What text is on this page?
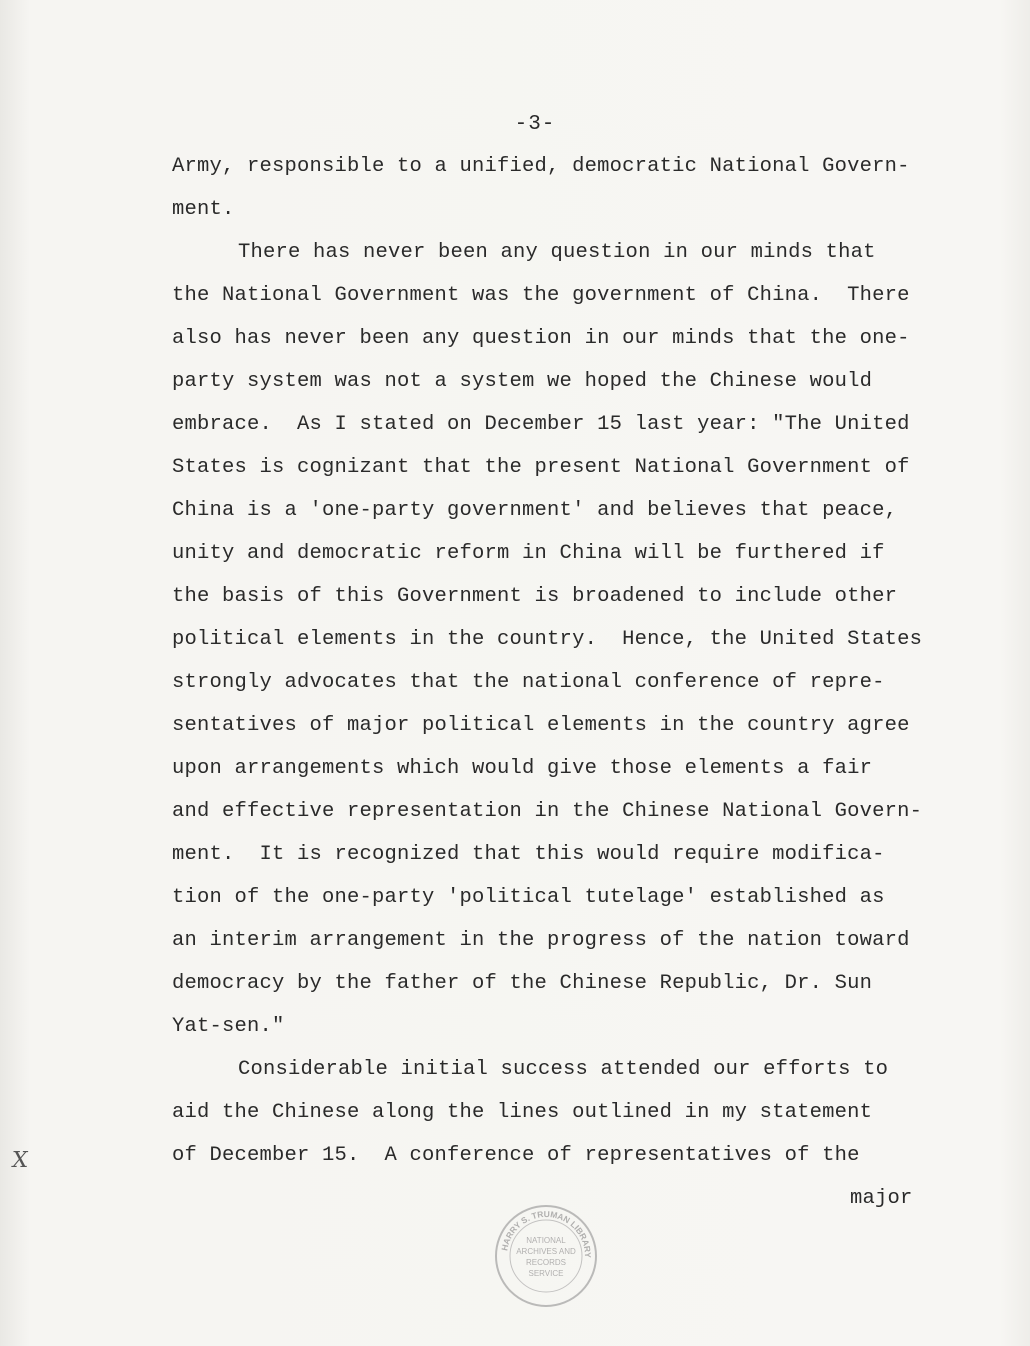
-3-
Army, responsible to a unified, democratic National Govern-
ment.
There has never been any question in our minds that
the National Government was the government of China.  There
also has never been any question in our minds that the one-
party system was not a system we hoped the Chinese would
embrace.  As I stated on December 15 last year: "The United
States is cognizant that the present National Government of
China is a 'one-party government' and believes that peace,
unity and democratic reform in China will be furthered if
the basis of this Government is broadened to include other
political elements in the country.  Hence, the United States
strongly advocates that the national conference of repre-
sentatives of major political elements in the country agree
upon arrangements which would give those elements a fair
and effective representation in the Chinese National Govern-
ment.  It is recognized that this would require modifica-
tion of the one-party 'political tutelage' established as
an interim arrangement in the progress of the nation toward
democracy by the father of the Chinese Republic, Dr. Sun
Yat-sen."
Considerable initial success attended our efforts to
aid the Chinese along the lines outlined in my statement
of December 15.  A conference of representatives of the
major
X
HARRY S. TRUMAN LIBRARY
NATIONAL
ARCHIVES AND
RECORDS
SERVICE
